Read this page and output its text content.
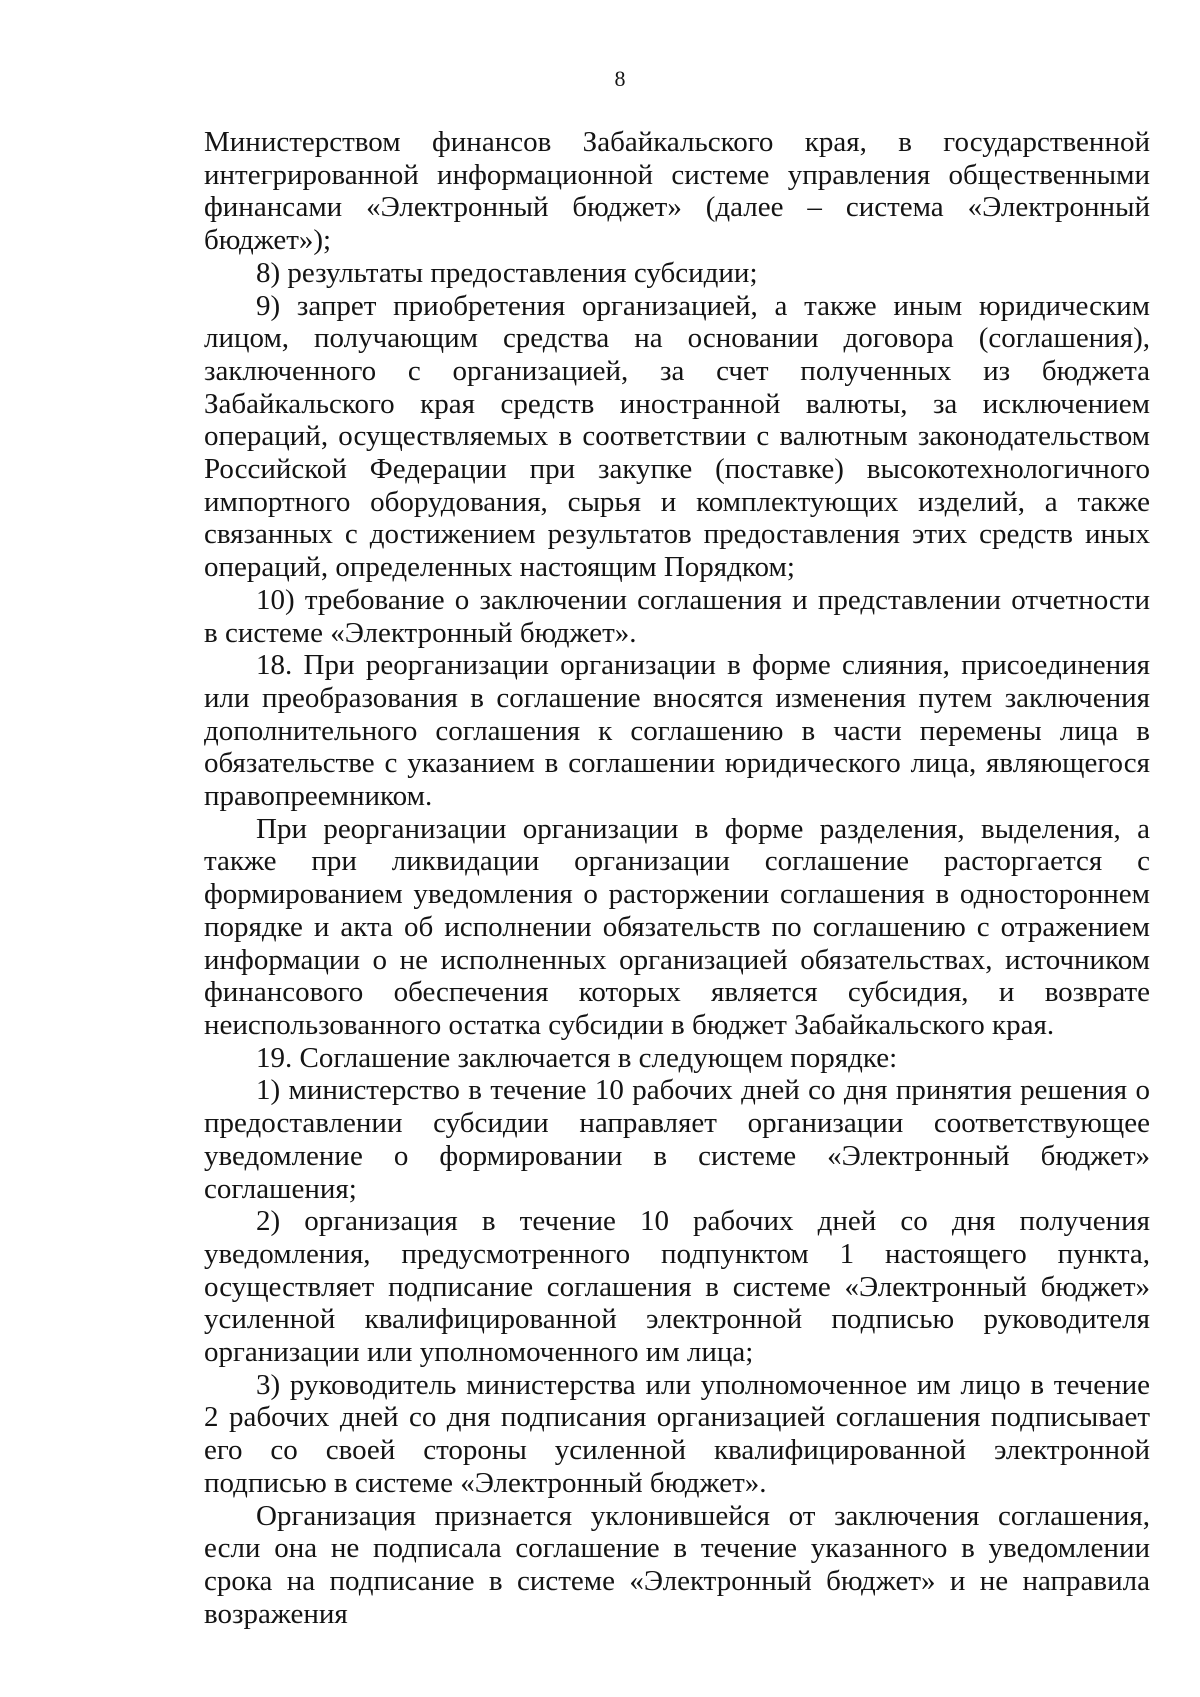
8

Министерством финансов Забайкальского края, в государственной интегрированной информационной системе управления общественными финансами «Электронный бюджет» (далее – система «Электронный бюджет»);

8) результаты предоставления субсидии;

9) запрет приобретения организацией, а также иным юридическим лицом, получающим средства на основании договора (соглашения), заключенного с организацией, за счет полученных из бюджета Забайкальского края средств иностранной валюты, за исключением операций, осуществляемых в соответствии с валютным законодательством Российской Федерации при закупке (поставке) высокотехнологичного импортного оборудования, сырья и комплектующих изделий, а также связанных с достижением результатов предоставления этих средств иных операций, определенных настоящим Порядком;

10) требование о заключении соглашения и представлении отчетности в системе «Электронный бюджет».

18. При реорганизации организации в форме слияния, присоединения или преобразования в соглашение вносятся изменения путем заключения дополнительного соглашения к соглашению в части перемены лица в обязательстве с указанием в соглашении юридического лица, являющегося правопреемником.

При реорганизации организации в форме разделения, выделения, а также при ликвидации организации соглашение расторгается с формированием уведомления о расторжении соглашения в одностороннем порядке и акта об исполнении обязательств по соглашению с отражением информации о не исполненных организацией обязательствах, источником финансового обеспечения которых является субсидия, и возврате неиспользованного остатка субсидии в бюджет Забайкальского края.

19. Соглашение заключается в следующем порядке:

1) министерство в течение 10 рабочих дней со дня принятия решения о предоставлении субсидии направляет организации соответствующее уведомление о формировании в системе «Электронный бюджет» соглашения;

2) организация в течение 10 рабочих дней со дня получения уведомления, предусмотренного подпунктом 1 настоящего пункта, осуществляет подписание соглашения в системе «Электронный бюджет» усиленной квалифицированной электронной подписью руководителя организации или уполномоченного им лица;

3) руководитель министерства или уполномоченное им лицо в течение 2 рабочих дней со дня подписания организацией соглашения подписывает его со своей стороны усиленной квалифицированной электронной подписью в системе «Электронный бюджет».

Организация признается уклонившейся от заключения соглашения, если она не подписала соглашение в течение указанного в уведомлении срока на подписание в системе «Электронный бюджет» и не направила возражения
